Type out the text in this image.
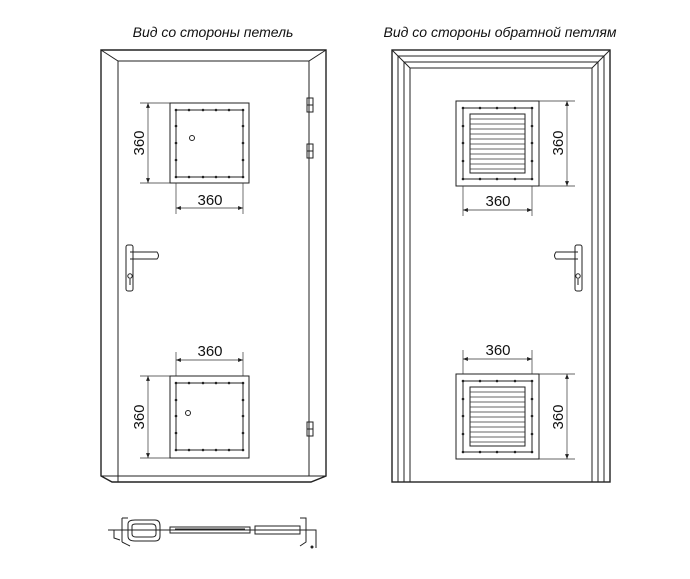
Вид со стороны петель	Вид со стороны обратной петлям
360
360
360
360
360
360
360
360
